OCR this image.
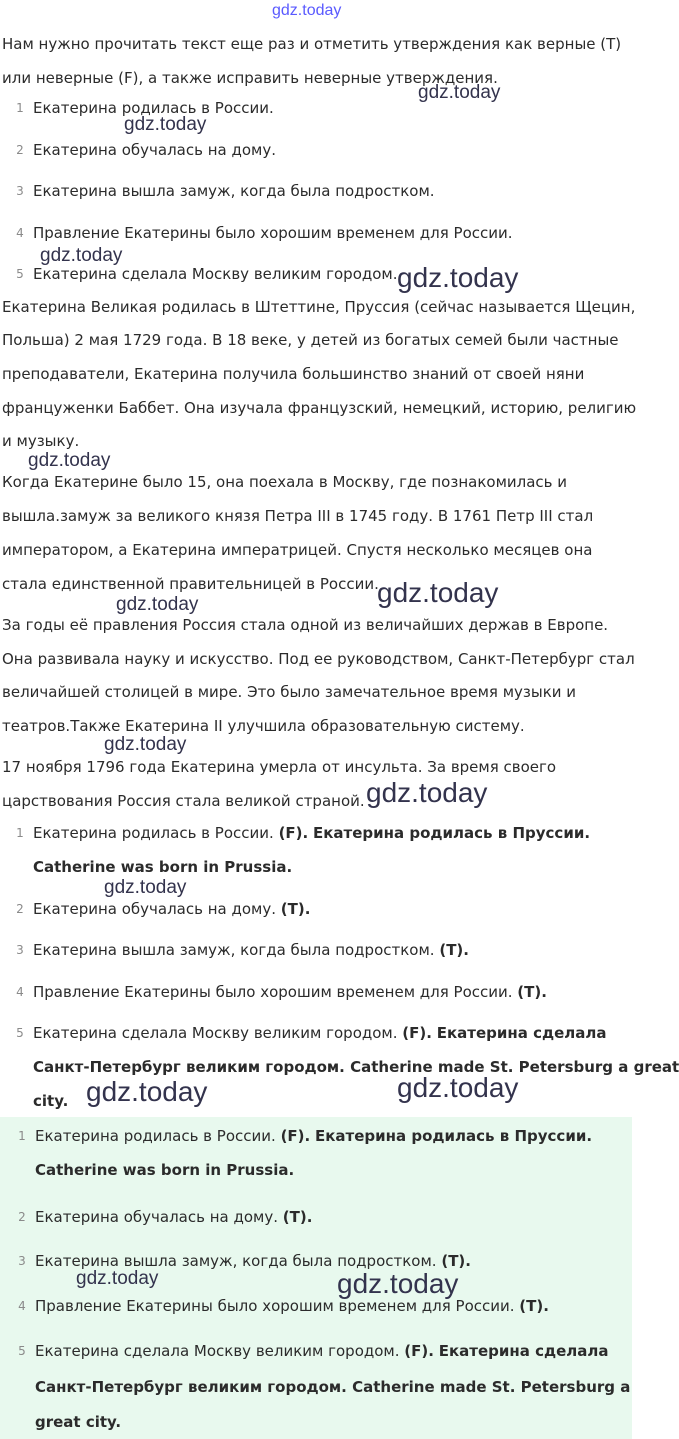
gdz.today
Нам нужно прочитать текст еще раз и отметить утверждения как верные (T)
или неверные (F), а также исправить неверные утверждения.
1 Екатерина родилась в России.
2 Екатерина обучалась на дому.
3 Екатерина вышла замуж, когда была подростком.
4 Правление Екатерины было хорошим временем для России.
5 Екатерина сделала Москву великим городом.
Екатерина Великая родилась в Штеттине, Пруссия (сейчас называется Щецин,
Польша) 2 мая 1729 года. В 18 веке, у детей из богатых семей были частные
преподаватели, Екатерина получила большинство знаний от своей няни
француженки Баббет. Она изучала французский, немецкий, историю, религию
и музыку.
Когда Екатерине было 15, она поехала в Москву, где познакомилась и
вышла.замуж за великого князя Петра III в 1745 году. В 1761 Петр III стал
императором, а Екатерина императрицей. Спустя несколько месяцев она
стала единственной правительницей в России.
За годы её правления Россия стала одной из величайших держав в Европе.
Она развивала науку и искусство. Под ее руководством, Санкт-Петербург стал
величайшей столицей в мире. Это было замечательное время музыки и
театров.Также Екатерина II улучшила образовательную систему.
17 ноября 1796 года Екатерина умерла от инсульта. За время своего
царствования Россия стала великой страной.
1 Екатерина родилась в России. (F). Екатерина родилась в Пруссии.
Catherine was born in Prussia.
2 Екатерина обучалась на дому. (T).
3 Екатерина вышла замуж, когда была подростком. (T).
4 Правление Екатерины было хорошим временем для России. (T).
5 Екатерина сделала Москву великим городом. (F). Екатерина сделала
Санкт-Петербург великим городом. Catherine made St. Petersburg a great
city.
1 Екатерина родилась в России. (F). Екатерина родилась в Пруссии.
Catherine was born in Prussia.
2 Екатерина обучалась на дому. (T).
3 Екатерина вышла замуж, когда была подростком. (T).
4 Правление Екатерины было хорошим временем для России. (T).
5 Екатерина сделала Москву великим городом. (F). Екатерина сделала
Санкт-Петербург великим городом. Catherine made St. Petersburg a
great city.
gdz.today
gdz.today
gdz.today
gdz.today
gdz.today
gdz.today
gdz.today
gdz.today
gdz.today
gdz.today
gdz.today	gdz.today
gdz.today	gdz.today
